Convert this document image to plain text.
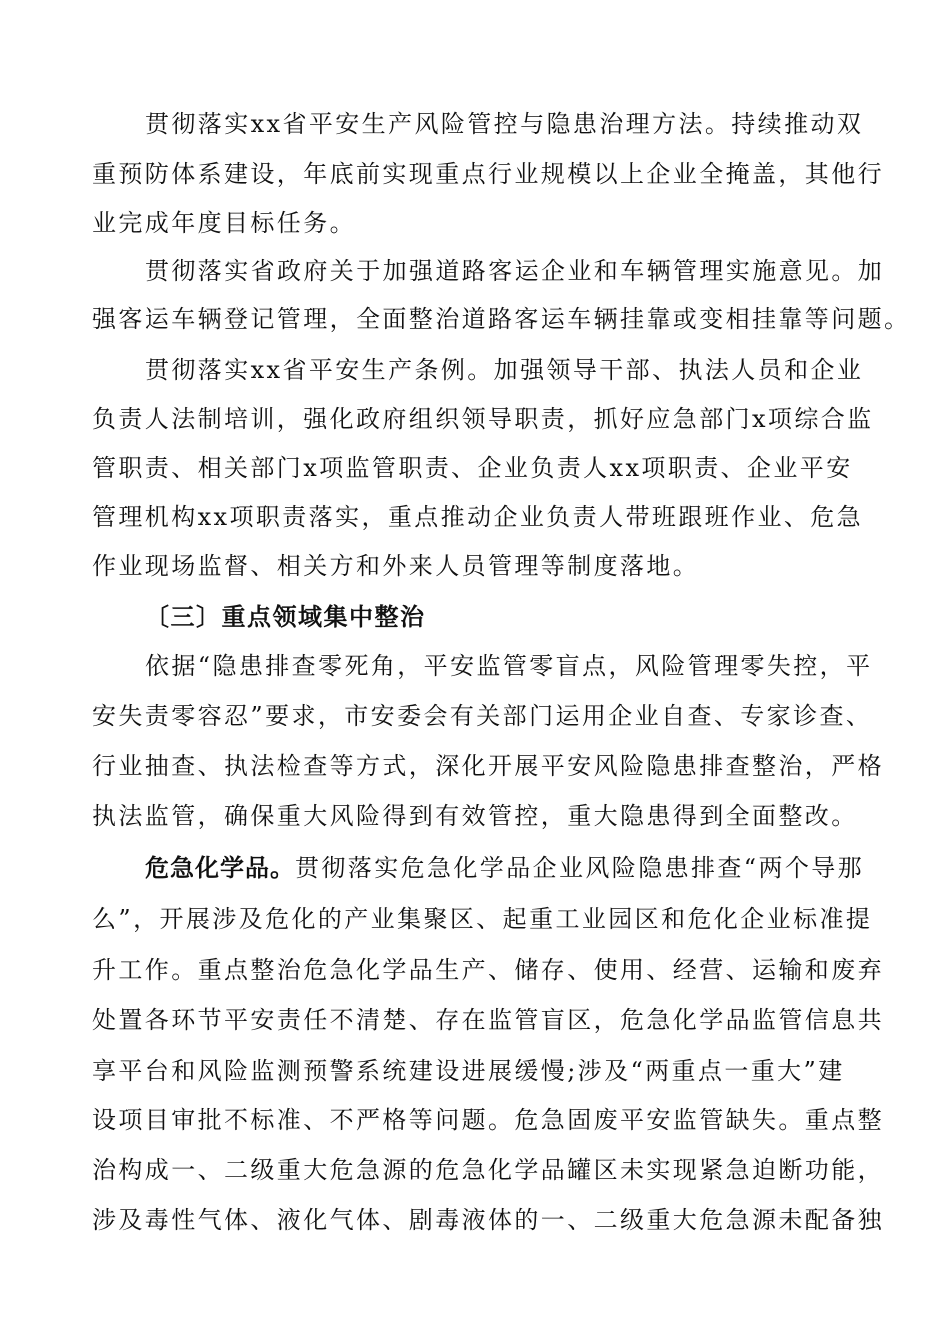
贯彻落实xx省平安生产风险管控与隐患治理方法。持续推动双
重预防体系建设，年底前实现重点行业规模以上企业全掩盖，其他行
业完成年度目标任务。
贯彻落实省政府关于加强道路客运企业和车辆管理实施意见。加
强客运车辆登记管理，全面整治道路客运车辆挂靠或变相挂靠等问题。
贯彻落实xx省平安生产条例。加强领导干部、执法人员和企业
负责人法制培训，强化政府组织领导职责，抓好应急部门x项综合监
管职责、相关部门x项监管职责、企业负责人xx项职责、企业平安
管理机构xx项职责落实，重点推动企业负责人带班跟班作业、危急
作业现场监督、相关方和外来人员管理等制度落地。
〔三〕重点领域集中整治
依据“隐患排查零死角，平安监管零盲点，风险管理零失控，平
安失责零容忍”要求，市安委会有关部门运用企业自查、专家诊查、
行业抽查、执法检查等方式，深化开展平安风险隐患排查整治，严格
执法监管，确保重大风险得到有效管控，重大隐患得到全面整改。
危急化学品。贯彻落实危急化学品企业风险隐患排查“两个导那
么”，开展涉及危化的产业集聚区、起重工业园区和危化企业标准提
升工作。重点整治危急化学品生产、储存、使用、经营、运输和废弃
处置各环节平安责任不清楚、存在监管盲区，危急化学品监管信息共
享平台和风险监测预警系统建设进展缓慢;涉及“两重点一重大”建
设项目审批不标准、不严格等问题。危急固废平安监管缺失。重点整
治构成一、二级重大危急源的危急化学品罐区未实现紧急迫断功能，
涉及毒性气体、液化气体、剧毒液体的一、二级重大危急源未配备独
